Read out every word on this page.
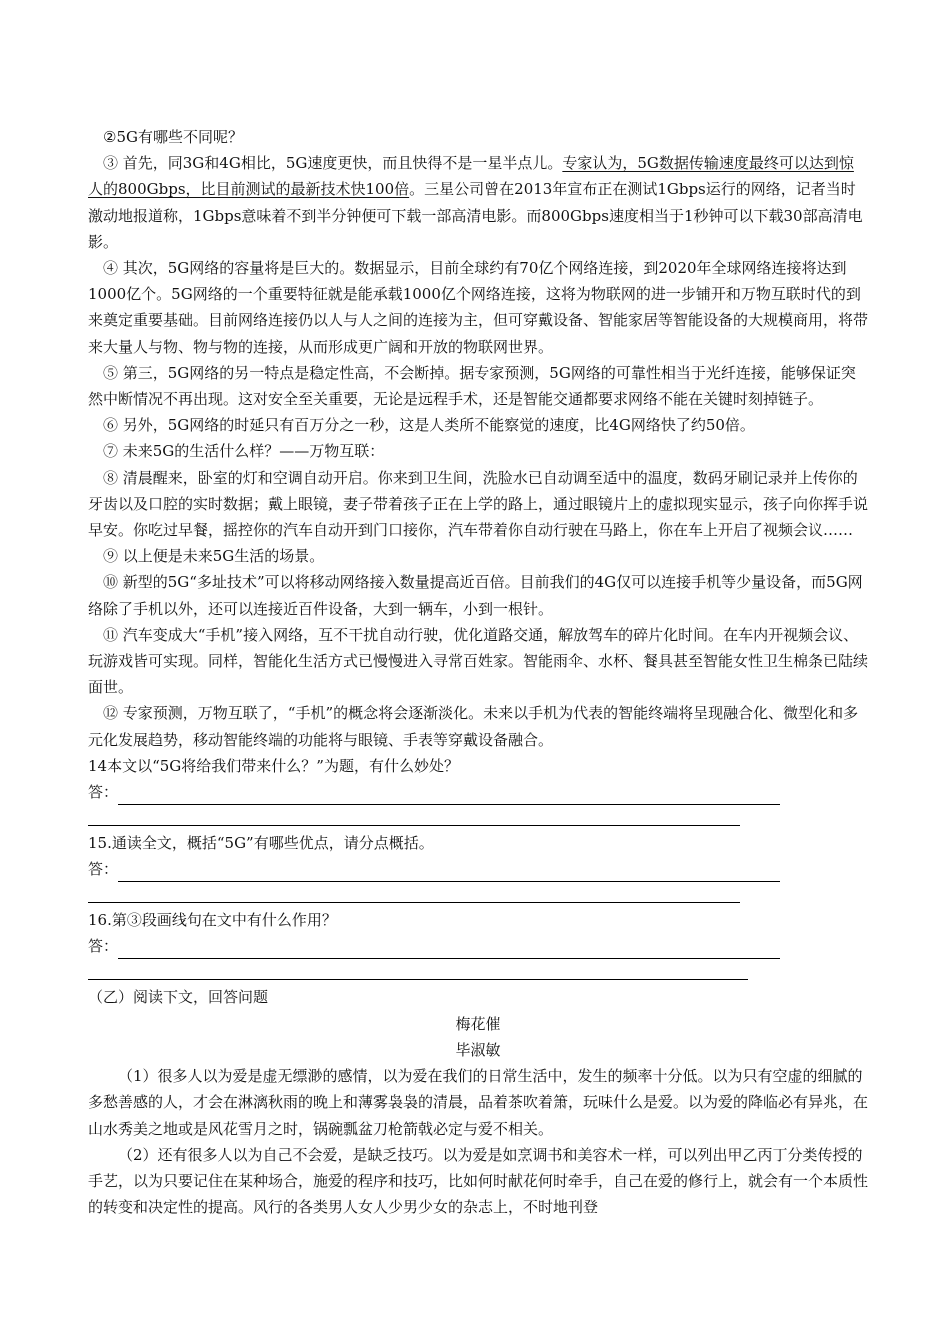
②5G有哪些不同呢？

③ 首先，同3G和4G相比，5G速度更快，而且快得不是一星半点儿。专家认为，5G数据传输速度最终可以达到惊人的800Gbps，比目前测试的最新技术快100倍。三星公司曾在2013年宣布正在测试1Gbps运行的网络，记者当时激动地报道称，1Gbps意味着不到半分钟便可下载一部高清电影。而800Gbps速度相当于1秒钟可以下载30部高清电影。

④ 其次，5G网络的容量将是巨大的。数据显示，目前全球约有70亿个网络连接，到2020年全球网络连接将达到1000亿个。5G网络的一个重要特征就是能承载1000亿个网络连接，这将为物联网的进一步铺开和万物互联时代的到来奠定重要基础。目前网络连接仍以人与人之间的连接为主，但可穿戴设备、智能家居等智能设备的大规模商用，将带来大量人与物、物与物的连接，从而形成更广阔和开放的物联网世界。

⑤ 第三，5G网络的另一特点是稳定性高，不会断掉。据专家预测，5G网络的可靠性相当于光纤连接，能够保证突然中断情况不再出现。这对安全至关重要，无论是远程手术，还是智能交通都要求网络不能在关键时刻掉链子。

⑥ 另外，5G网络的时延只有百万分之一秒，这是人类所不能察觉的速度，比4G网络快了约50倍。

⑦ 未来5G的生活什么样？——万物互联：

⑧ 清晨醒来，卧室的灯和空调自动开启。你来到卫生间，洗脸水已自动调至适中的温度，数码牙刷记录并上传你的牙齿以及口腔的实时数据；戴上眼镜，妻子带着孩子正在上学的路上，通过眼镜片上的虚拟现实显示，孩子向你挥手说早安。你吃过早餐，摇控你的汽车自动开到门口接你，汽车带着你自动行驶在马路上，你在车上开启了视频会议……

⑨ 以上便是未来5G生活的场景。

⑩ 新型的5G“多址技术”可以将移动网络接入数量提高近百倍。目前我们的4G仅可以连接手机等少量设备，而5G网络除了手机以外，还可以连接近百件设备，大到一辆车，小到一根针。

⑪ 汽车变成大“手机”接入网络，互不干扰自动行驶，优化道路交通，解放驾车的碎片化时间。在车内开视频会议、玩游戏皆可实现。同样，智能化生活方式已慢慢进入寻常百姓家。智能雨伞、水杯、餐具甚至智能女性卫生棉条已陆续面世。

⑫ 专家预测，万物互联了，“手机”的概念将会逐渐淡化。未来以手机为代表的智能终端将呈现融合化、微型化和多元化发展趋势，移动智能终端的功能将与眼镜、手表等穿戴设备融合。

14本文以“5G将给我们带来什么？”为题，有什么妙处？

答：

15.通读全文，概括“5G”有哪些优点，请分点概括。

答：

16.第③段画线句在文中有什么作用？

答：

（乙）阅读下文，回答问题

梅花催

毕淑敏

（1）很多人以为爱是虚无缥渺的感情，以为爱在我们的日常生活中，发生的频率十分低。以为只有空虚的细腻的多愁善感的人，才会在淋漓秋雨的晚上和薄雾袅袅的清晨，品着茶吹着箫，玩味什么是爱。以为爱的降临必有异兆，在山水秀美之地或是风花雪月之时，锅碗瓢盆刀枪箭戟必定与爱不相关。

（2）还有很多人以为自己不会爱，是缺乏技巧。以为爱是如烹调书和美容术一样，可以列出甲乙丙丁分类传授的手艺，以为只要记住在某种场合，施爱的程序和技巧，比如何时献花何时牵手，自己在爱的修行上，就会有一个本质性的转变和决定性的提高。风行的各类男人女人少男少女的杂志上，不时地刊登
